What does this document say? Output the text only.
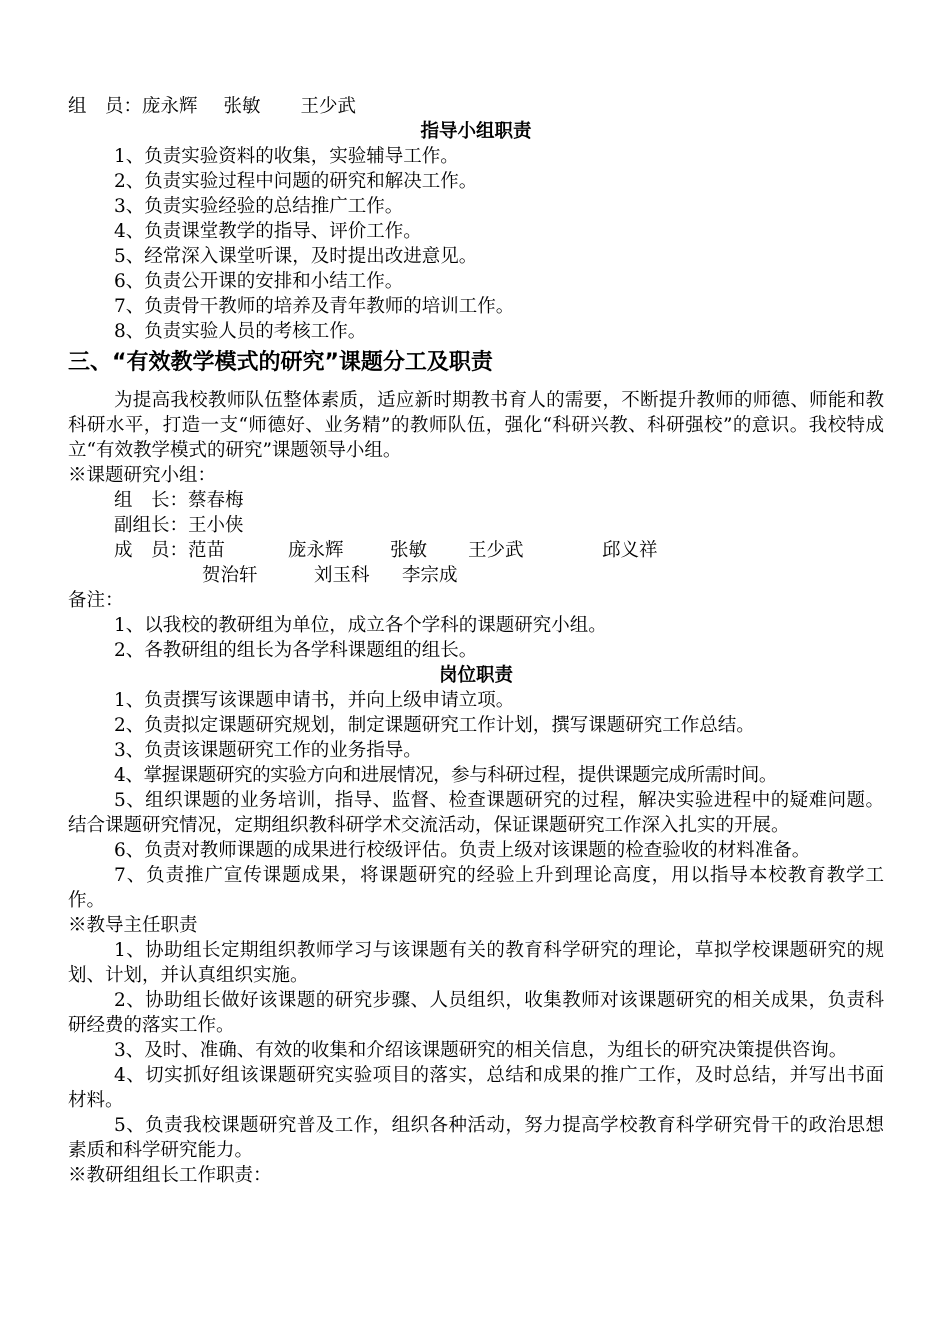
组　员：庞永辉 张敏 王少武
指导小组职责
1、负责实验资料的收集，实验辅导工作。
2、负责实验过程中问题的研究和解决工作。
3、负责实验经验的总结推广工作。
4、负责课堂教学的指导、评价工作。
5、经常深入课堂听课，及时提出改进意见。
6、负责公开课的安排和小结工作。
7、负责骨干教师的培养及青年教师的培训工作。
8、负责实验人员的考核工作。
三、“有效教学模式的研究”课题分工及职责
为提高我校教师队伍整体素质，适应新时期教书育人的需要，不断提升教师的师德、师能和教科研水平，打造一支“师德好、业务精”的教师队伍，强化“科研兴教、科研强校”的意识。我校特成立“有效教学模式的研究”课题领导小组。
※课题研究小组：
组　长：蔡春梅
副组长：王小侠
成　员：范苗	庞永辉	张敏 王少武	邱义祥
贺治轩	刘玉科 李宗成
备注：
1、以我校的教研组为单位，成立各个学科的课题研究小组。
2、各教研组的组长为各学科课题组的组长。
岗位职责
1、负责撰写该课题申请书，并向上级申请立项。
2、负责拟定课题研究规划，制定课题研究工作计划，撰写课题研究工作总结。
3、负责该课题研究工作的业务指导。
4、掌握课题研究的实验方向和进展情况，参与科研过程，提供课题完成所需时间。
5、组织课题的业务培训，指导、监督、检查课题研究的过程，解决实验进程中的疑难问题。结合课题研究情况，定期组织教科研学术交流活动，保证课题研究工作深入扎实的开展。
6、负责对教师课题的成果进行校级评估。负责上级对该课题的检查验收的材料准备。
7、负责推广宣传课题成果，将课题研究的经验上升到理论高度，用以指导本校教育教学工作。
※教导主任职责
1、协助组长定期组织教师学习与该课题有关的教育科学研究的理论，草拟学校课题研究的规划、计划，并认真组织实施。
2、协助组长做好该课题的研究步骤、人员组织，收集教师对该课题研究的相关成果，负责科研经费的落实工作。
3、及时、准确、有效的收集和介绍该课题研究的相关信息，为组长的研究决策提供咨询。
4、切实抓好组该课题研究实验项目的落实，总结和成果的推广工作，及时总结，并写出书面材料。
5、负责我校课题研究普及工作，组织各种活动，努力提高学校教育科学研究骨干的政治思想素质和科学研究能力。
※教研组组长工作职责：
